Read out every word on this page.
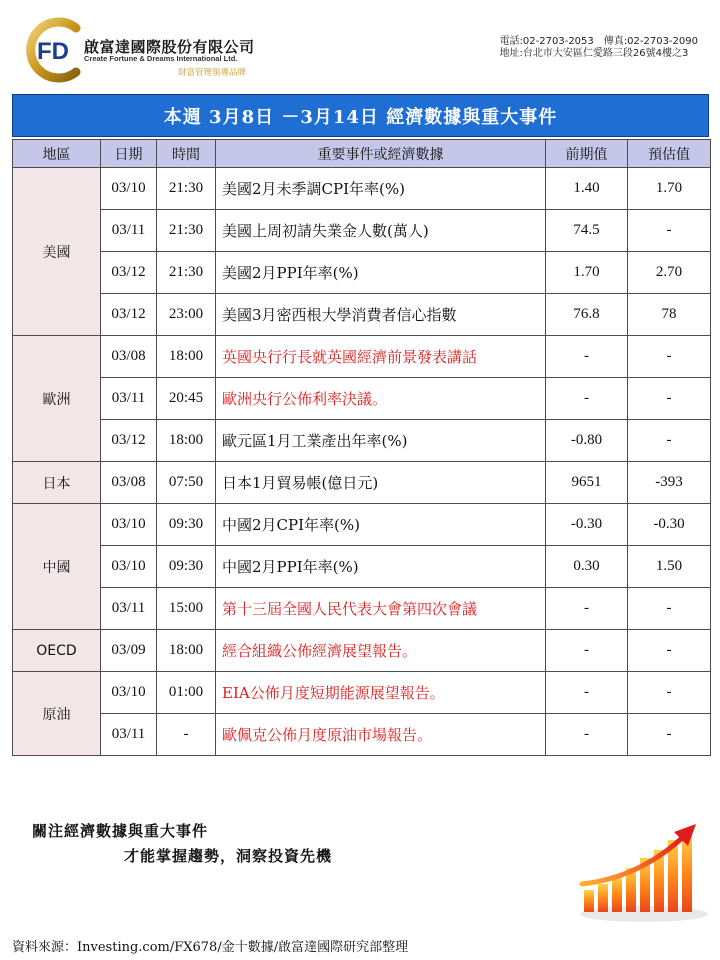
FD 啟富達國際股份有限公司
Create Fortune & Dreams International Ltd.
財富管理領導品牌
電話:02-2703-2053 傳真:02-2703-2090
地址:台北市大安區仁愛路三段26號4樓之3
本週 3月8日 －3月14日 經濟數據與重大事件
地區	日期	時間	重要事件或經濟數據	前期值	預估值
美國	03/10	21:30	美國2月未季調CPI年率(%)	1.40	1.70
	03/11	21:30	美國上周初請失業金人數(萬人)	74.5	-
	03/12	21:30	美國2月PPI年率(%)	1.70	2.70
	03/12	23:00	美國3月密西根大學消費者信心指數	76.8	78
歐洲	03/08	18:00	英國央行行長就英國經濟前景發表講話	-	-
	03/11	20:45	歐洲央行公佈利率決議。	-	-
	03/12	18:00	歐元區1月工業產出年率(%)	-0.80	-
日本	03/08	07:50	日本1月貿易帳(億日元)	9651	-393
中國	03/10	09:30	中國2月CPI年率(%)	-0.30	-0.30
	03/10	09:30	中國2月PPI年率(%)	0.30	1.50
	03/11	15:00	第十三屆全國人民代表大會第四次會議	-	-
OECD	03/09	18:00	經合組織公佈經濟展望報告。	-	-
原油	03/10	01:00	EIA公佈月度短期能源展望報告。	-	-
	03/11	-	歐佩克公佈月度原油市場報告。	-	-
關注經濟數據與重大事件
才能掌握趨勢，洞察投資先機
資料來源：Investing.com/FX678/金十數據/啟富達國際研究部整理
